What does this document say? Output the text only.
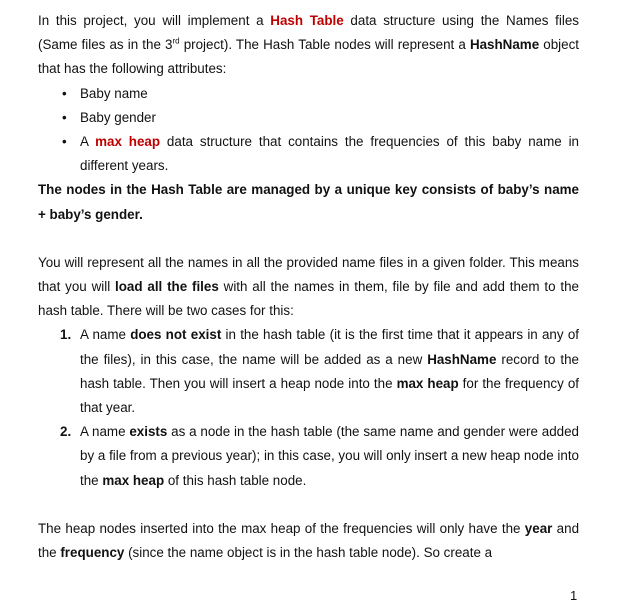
In this project, you will implement a Hash Table data structure using the Names files (Same files as in the 3rd project). The Hash Table nodes will represent a HashName object that has the following attributes:

• Baby name
• Baby gender
• A max heap data structure that contains the frequencies of this baby name in different years.

The nodes in the Hash Table are managed by a unique key consists of baby’s name + baby’s gender.

You will represent all the names in all the provided name files in a given folder. This means that you will load all the files with all the names in them, file by file and add them to the hash table. There will be two cases for this:

1. A name does not exist in the hash table (it is the first time that it appears in any of the files), in this case, the name will be added as a new HashName record to the hash table. Then you will insert a heap node into the max heap for the frequency of that year.
2. A name exists as a node in the hash table (the same name and gender were added by a file from a previous year); in this case, you will only insert a new heap node into the max heap of this hash table node.

The heap nodes inserted into the max heap of the frequencies will only have the year and the frequency (since the name object is in the hash table node). So create a

1
